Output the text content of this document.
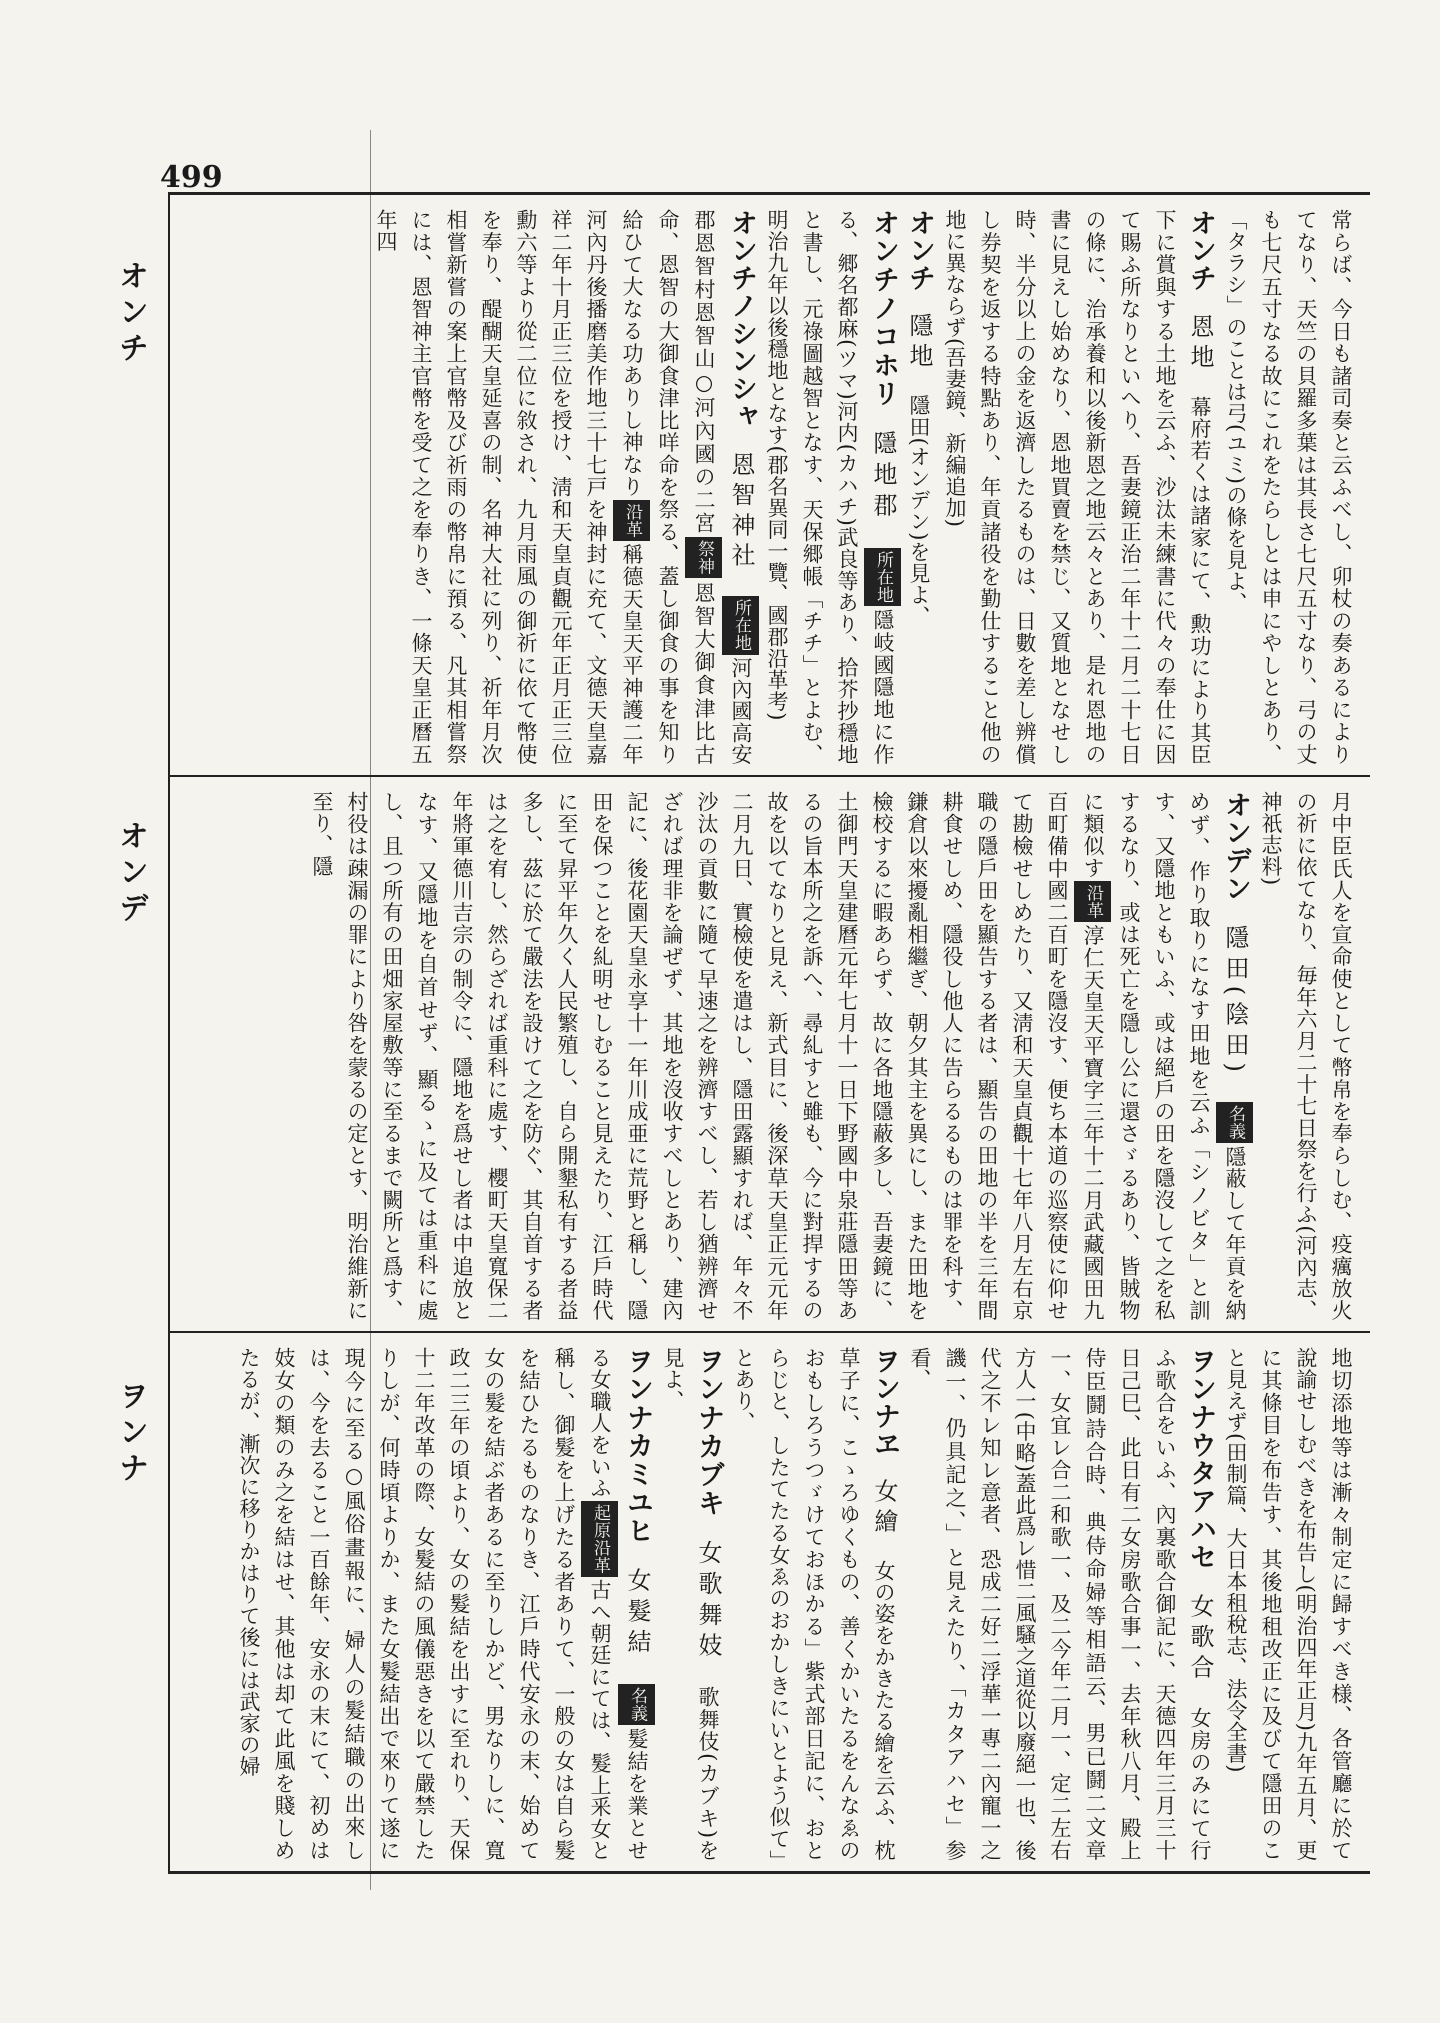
499
オンチ
オンデ
ヲンナ

常らば、今日も諸司奏と云ふべし、卯杖の奏あるによりてなり、天竺の貝羅多葉は其長さ七尺五寸なり、弓の丈も七尺五寸なる故にこれをたらしとは申にやしとあり、「タラシ」のことは弓(ユミ)の條を見よ、

オンチ　恩地　幕府若くは諸家にて、勲功により其臣下に賞與する土地を云ふ、沙汰未練書に代々の奉仕に因て賜ふ所なりといへり、吾妻鏡正治二年十二月二十七日の條に、治承養和以後新恩之地云々とあり、是れ恩地の書に見えし始めなり、恩地買賣を禁じ、又質地となせし時、半分以上の金を返濟したるものは、日數を差し辨償し券契を返する特點あり、年貢諸役を勤仕すること他の地に異ならず(吾妻鏡、新編追加)

オンチ　隱地　隱田(オンデン)を見よ、

オンチノコホリ　隱地郡　所在地隱岐國隱地に作る、郷名都麻(ツマ)河内(カハチ)武良等あり、拾芥抄穩地と書し、元祿圖越智となす、天保郷帳「チチ」とよむ、明治九年以後穩地となす(郡名異同一覽、國郡沿革考)

オンチノシンシャ　恩智神社　所在地河內國高安郡恩智村恩智山○河內國の二宮祭神恩智大御食津比古命、恩智の大御食津比咩命を祭る、蓋し御食の事を知り給ひて大なる功ありし神なり沿革稱德天皇天平神護二年河內丹後播磨美作地三十七戸を神封に充て、文德天皇嘉祥二年十月正三位を授け、淸和天皇貞觀元年正月正三位勳六等より從二位に敘され、九月雨風の御祈に依て幣使を奉り、醍醐天皇延喜の制、名神大社に列り、祈年月次相嘗新嘗の案上官幣及び祈雨の幣帛に預る、凡其相嘗祭には、恩智神主官幣を受て之を奉りき、一條天皇正曆五年四

月中臣氏人を宣命使として幣帛を奉らしむ、疫癘放火の祈に依てなり、毎年六月二十七日祭を行ふ(河內志、神祇志料)

オンデン　隱田(陰田)　名義隱蔽して年貢を納めず、作り取りになす田地を云ふ「シノビタ」と訓す、又隱地ともいふ、或は絕戶の田を隱沒して之を私するなり、或は死亡を隱し公に還さゞるあり、皆賊物に類似す沿革淳仁天皇天平寶字三年十二月武藏國田九百町備中國二百町を隱沒す、便ち本道の巡察使に仰せて勘檢せしめたり、又淸和天皇貞觀十七年八月左右京職の隱戶田を顯告する者は、顯告の田地の半を三年間耕食せしめ、隱役し他人に告らるるものは罪を科す、鎌倉以來擾亂相繼ぎ、朝夕其主を異にし、また田地を檢校するに暇あらず、故に各地隱蔽多し、吾妻鏡に、土御門天皇建曆元年七月十一日下野國中泉莊隱田等あるの旨本所之を訴へ、尋糺すと雖も、今に對捍するの故を以てなりと見え、新式目に、後深草天皇正元元年二月九日、實檢使を遣はし、隱田露顯すれば、年々不沙汰の貢數に隨て早速之を辨濟すべし、若し猶辨濟せざれば理非を論ぜず、其地を沒收すべしとあり、建內記に、後花園天皇永享十一年川成亜に荒野と稱し、隱田を保つことを糺明せしむること見えたり、江戶時代に至て昇平年久く人民繁殖し、自ら開墾私有する者益多し、茲に於て嚴法を設けて之を防ぐ、其自首する者は之を宥し、然らざれば重科に處す、櫻町天皇寬保二年將軍德川吉宗の制令に、隱地を爲せし者は中追放となす、又隱地を自首せず、顯るゝに及ては重科に處し、且つ所有の田畑家屋敷等に至るまで闕所と爲す、村役は疎漏の罪により咎を蒙るの定とす、明治維新に至り、隱

地切添地等は漸々制定に歸すべき様、各管廳に於て說諭せしむべきを布告し(明治四年正月)九年五月、更に其條目を布告す、其後地租改正に及びて隱田のこと見えず(田制篇、大日本租稅志、法令全書)

ヲンナウタアハセ　女歌合　女房のみにて行ふ歌合をいふ、內裏歌合御記に、天德四年三月三十日己巳、此日有二女房歌合事一、去年秋八月、殿上侍臣鬪詩合時、典侍命婦等相語云、男已鬪二文章一、女宜レ合二和歌一、及二今年二月一、定二左右方人一(中略)蓋此爲レ惜二風騷之道從以廢絕一也、後代之不レ知レ意者、恐成二好二浮華一專二內寵一之譏一、仍具記之、」と見えたり、「カタアハセ」参看、

ヲンナヱ　女繪　女の姿をかきたる繪を云ふ、枕草子に、こゝろゆくもの、善くかいたるをんなゑのおもしろうつゞけておほかる」紫式部日記に、おとらじと、したてたる女ゑのおかしきにいとよう似て」とあり、

ヲンナカブキ　女歌舞妓　歌舞伎(カブキ)を見よ、

ヲンナカミユヒ　女髮結　名義髮結を業とせる女職人をいふ起原沿革古へ朝廷にては、髮上釆女と稱し、御髮を上げたる者ありて、一般の女は自ら髮を結ひたるものなりき、江戶時代安永の末、始めて女の髮を結ぶ者あるに至りしかど、男なりしに、寬政二三年の頃より、女の髮結を出すに至れり、天保十二年改革の際、女髮結の風儀惡きを以て嚴禁したりしが、何時頃よりか、また女髮結出で來りて遂に現今に至る○風俗畫報に、婦人の髮結職の出來しは、今を去ること一百餘年、安永の末にて、初めは妓女の類のみ之を結はせ、其他は却て此風を賤しめたるが、漸次に移りかはりて後には武家の婦
